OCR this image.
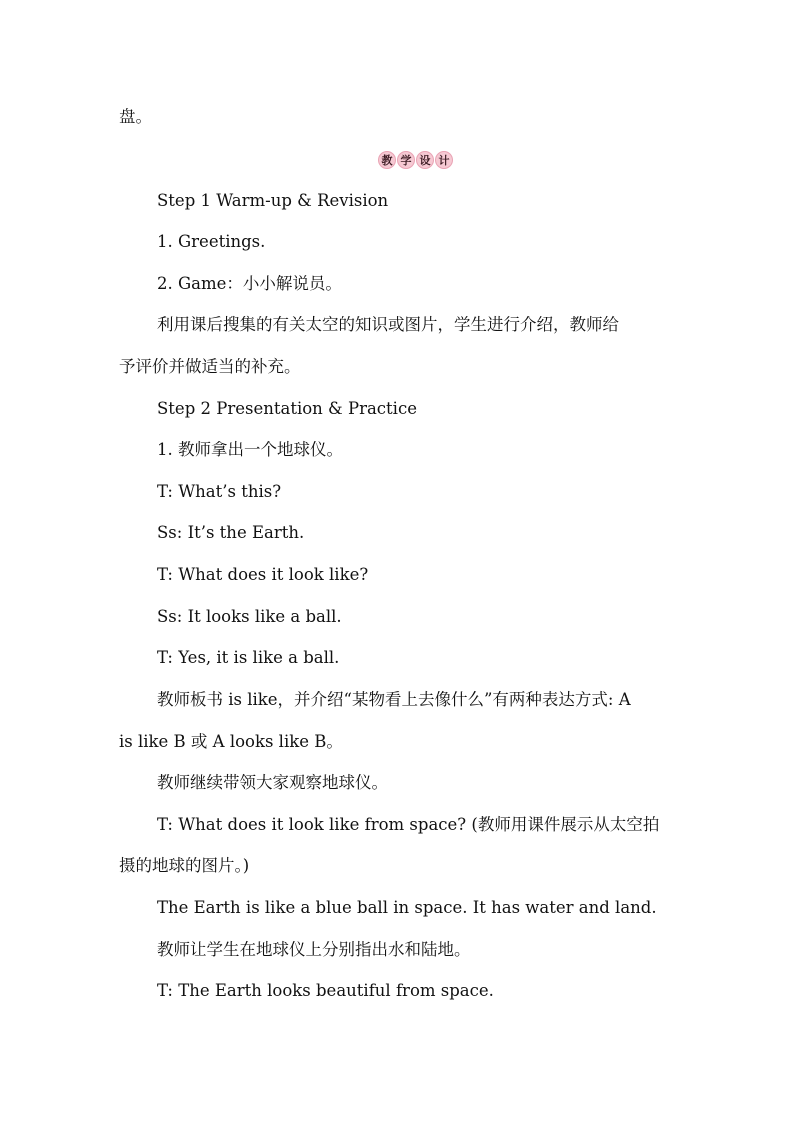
盘。
教 学 设 计
Step 1 Warm-up & Revision
1. Greetings.
2. Game：小小解说员。
利用课后搜集的有关太空的知识或图片，学生进行介绍，教师给
予评价并做适当的补充。
Step 2 Presentation & Practice
1. 教师拿出一个地球仪。
T: What’s this?
Ss: It’s the Earth.
T: What does it look like?
Ss: It looks like a ball.
T: Yes, it is like a ball.
教师板书 is like，并介绍“某物看上去像什么”有两种表达方式: A
is like B 或 A looks like B。
教师继续带领大家观察地球仪。
T: What does it look like from space? (教师用课件展示从太空拍
摄的地球的图片。)
The Earth is like a blue ball in space. It has water and land.
教师让学生在地球仪上分别指出水和陆地。
T: The Earth looks beautiful from space.
